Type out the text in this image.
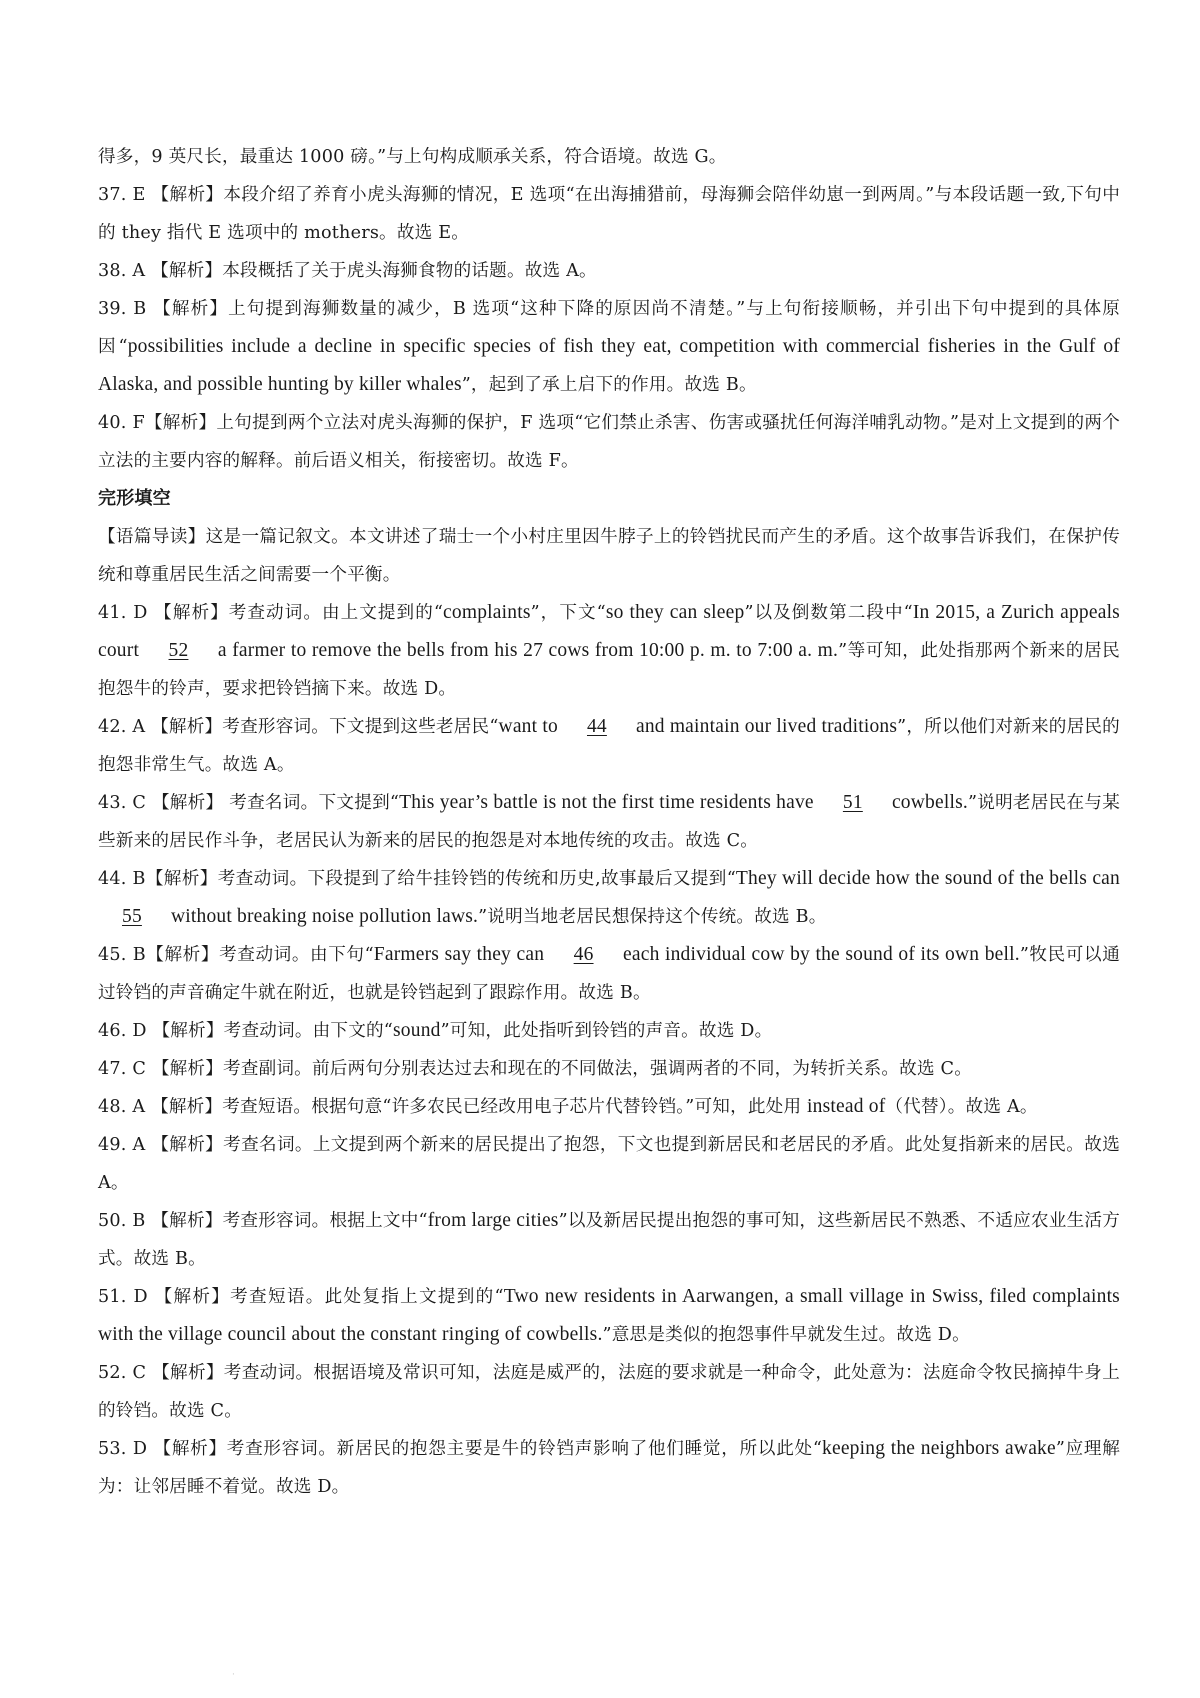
得多，9 英尺长，最重达 1000 磅。”与上句构成顺承关系，符合语境。故选 G。

37. E 【解析】本段介绍了养育小虎头海狮的情况，E 选项“在出海捕猎前，母海狮会陪伴幼崽一到两周。”与本段话题一致,下句中的 they 指代 E 选项中的 mothers。故选 E。

38. A 【解析】本段概括了关于虎头海狮食物的话题。故选 A。

39. B 【解析】上句提到海狮数量的减少，B 选项“这种下降的原因尚不清楚。”与上句衔接顺畅，并引出下句中提到的具体原因“possibilities include a decline in specific species of fish they eat, competition with commercial fisheries in the Gulf of Alaska, and possible hunting by killer whales”，起到了承上启下的作用。故选 B。

40. F【解析】上句提到两个立法对虎头海狮的保护，F 选项“它们禁止杀害、伤害或骚扰任何海洋哺乳动物。”是对上文提到的两个立法的主要内容的解释。前后语义相关，衔接密切。故选 F。

完形填空

【语篇导读】这是一篇记叙文。本文讲述了瑞士一个小村庄里因牛脖子上的铃铛扰民而产生的矛盾。这个故事告诉我们，在保护传统和尊重居民生活之间需要一个平衡。

41. D 【解析】考查动词。由上文提到的“complaints”，下文“so they can sleep”以及倒数第二段中“In 2015, a Zurich appeals court 52 a farmer to remove the bells from his 27 cows from 10:00 p. m. to 7:00 a. m.”等可知，此处指那两个新来的居民抱怨牛的铃声，要求把铃铛摘下来。故选 D。

42. A 【解析】考查形容词。下文提到这些老居民“want to 44 and maintain our lived traditions”，所以他们对新来的居民的抱怨非常生气。故选 A。

43. C 【解析】 考查名词。下文提到“This year’s battle is not the first time residents have 51 cowbells.”说明老居民在与某些新来的居民作斗争，老居民认为新来的居民的抱怨是对本地传统的攻击。故选 C。

44. B【解析】考查动词。下段提到了给牛挂铃铛的传统和历史,故事最后又提到“They will decide how the sound of the bells can 55 without breaking noise pollution laws.”说明当地老居民想保持这个传统。故选 B。

45. B【解析】考查动词。由下句“Farmers say they can 46 each individual cow by the sound of its own bell.”牧民可以通过铃铛的声音确定牛就在附近，也就是铃铛起到了跟踪作用。故选 B。

46. D 【解析】考查动词。由下文的“sound”可知，此处指听到铃铛的声音。故选 D。

47. C 【解析】考查副词。前后两句分别表达过去和现在的不同做法，强调两者的不同，为转折关系。故选 C。

48. A 【解析】考查短语。根据句意“许多农民已经改用电子芯片代替铃铛。”可知，此处用 instead of（代替）。故选 A。

49. A 【解析】考查名词。上文提到两个新来的居民提出了抱怨，下文也提到新居民和老居民的矛盾。此处复指新来的居民。故选 A。

50. B 【解析】考查形容词。根据上文中“from large cities”以及新居民提出抱怨的事可知，这些新居民不熟悉、不适应农业生活方式。故选 B。

51. D 【解析】考查短语。此处复指上文提到的“Two new residents in Aarwangen, a small village in Swiss, filed complaints with the village council about the constant ringing of cowbells.”意思是类似的抱怨事件早就发生过。故选 D。

52. C 【解析】考查动词。根据语境及常识可知，法庭是威严的，法庭的要求就是一种命令，此处意为：法庭命令牧民摘掉牛身上的铃铛。故选 C。

53. D 【解析】考查形容词。新居民的抱怨主要是牛的铃铛声影响了他们睡觉，所以此处“keeping the neighbors awake”应理解为：让邻居睡不着觉。故选 D。

·
